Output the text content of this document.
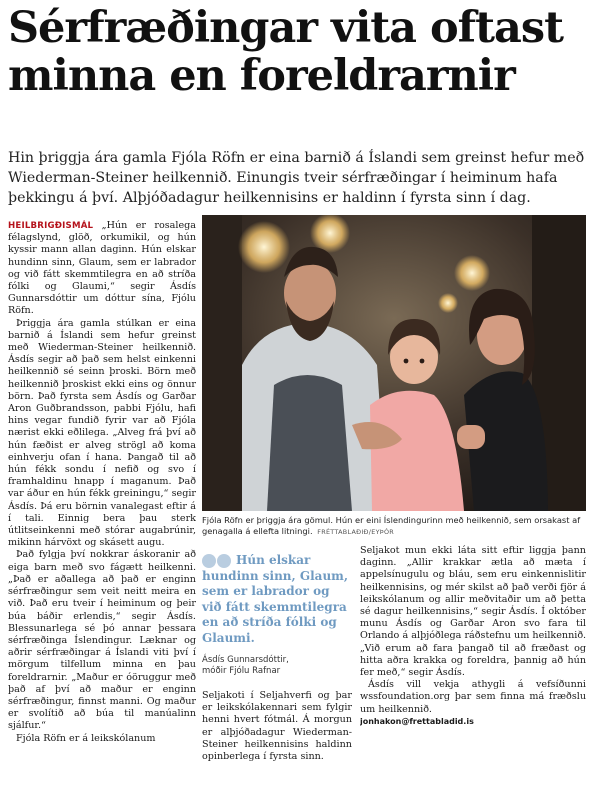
Sérfræðingar vita oftast minna en foreldrarnir

Hin þriggja ára gamla Fjóla Röfn er eina barnið á Íslandi sem greinst hefur með Wiederman-Steiner heilkennið. Einungis tveir sérfræðingar í heiminum hafa þekkingu á því. Alþjóðadagur heilkennisins er haldinn í fyrsta sinn í dag.

HEILBRIGÐISMÁL „Hún er rosalega félagslynd, glöð, orkumikil, og hún kyssir mann allan daginn. Hún elskar hundinn sinn, Glaum, sem er labrador og við fátt skemmtilegra en að stríða fólki og Glaumi,“ segir Ásdís Gunnarsdóttir um dóttur sína, Fjólu Röfn.

Þriggja ára gamla stúlkan er eina barnið á Íslandi sem hefur greinst með Wiederman-Steiner heilkennið. Ásdís segir að það sem helst einkenni heilkennið sé seinn þroski. Börn með heilkennið þroskist ekki eins og önnur börn. Það fyrsta sem Ásdís og Garðar Aron Guðbrandsson, pabbi Fjólu, hafi hins vegar fundið fyrir var að Fjóla nærist ekki eðlilega. „Alveg frá því að hún fæðist er alveg strögl að koma einhverju ofan í hana. Þangað til að hún fékk sondu í nefið og svo í framhaldinu hnapp í maganum. Það var áður en hún fékk greiningu,“ segir Ásdís. Þá eru börnin vanalegast eftir á í tali. Einnig bera þau sterk útlitseinkenni með stórar augabrúnir, mikinn hárvöxt og skásett augu.

Það fylgja því nokkrar áskoranir að eiga barn með svo fágætt heilkenni. „Það er aðallega að það er enginn sérfræðingur sem veit neitt meira en við. Það eru tveir í heiminum og þeir búa báðir erlendis,“ segir Ásdís. Blessunarlega sé þó annar þessara sérfræðinga Íslendingur. Læknar og aðrir sérfræðingar á Íslandi viti því í mörgum tilfellum minna en þau foreldrarnir. „Maður er óöruggur með það af því að maður er enginn sérfræðingur, finnst manni. Og maður er svolítið að búa til manúalinn sjálfur.“

Fjóla Röfn er á leikskólanum

Fjóla Röfn er þriggja ára gömul. Hún er eini Íslendingurinn með heilkennið, sem orsakast af genagalla á ellefta litningi. FRÉTTABLAÐIÐ/EYÞÓR

Hún elskar hundinn sinn, Glaum, sem er labrador og við fátt skemmtilegra en að stríða fólki og Glaumi.

Ásdís Gunnarsdóttir,
móðir Fjólu Rafnar

Seljakoti í Seljahverfi og þar er leikskólakennari sem fylgir henni hvert fótmál. Á morgun er alþjóðadagur Wiederman-Steiner heilkennisins haldinn opinberlega í fyrsta sinn.

Seljakot mun ekki láta sitt eftir liggja þann daginn. „Allir krakkar ætla að mæta í appelsínugulu og bláu, sem eru einkennislitir heilkennisins, og mér skilst að það verði fjör á leikskólanum og allir meðvitaðir um að þetta sé dagur heilkennisins,“ segir Ásdís. Í október munu Ásdís og Garðar Aron svo fara til Orlando á alþjóðlega ráðstefnu um heilkennið. „Við erum að fara þangað til að fræðast og hitta aðra krakka og foreldra, þannig að hún fer með,“ segir Ásdís.

Ásdís vill vekja athygli á vefsíðunni wssfoundation.org þar sem finna má fræðslu um heilkennið.

jonhakon@frettabladid.is
